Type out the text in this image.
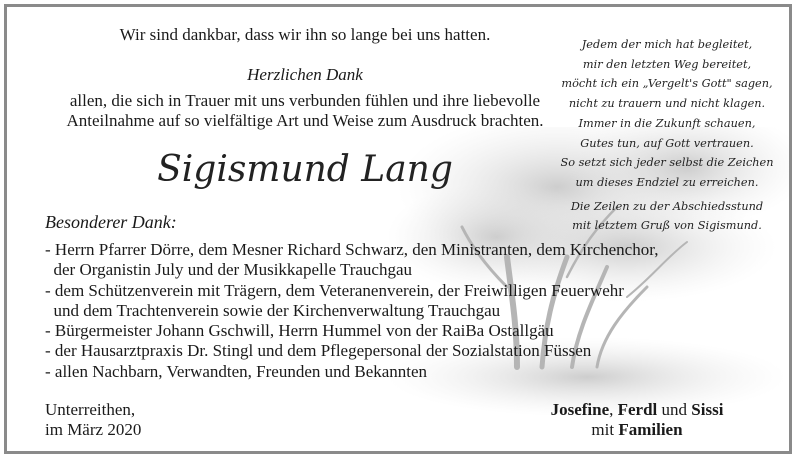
Wir sind dankbar, dass wir ihn so lange bei uns hatten.
Herzlichen Dank
allen, die sich in Trauer mit uns verbunden fühlen und ihre liebevolle
Anteilnahme auf so vielfältige Art und Weise zum Ausdruck brachten.
Sigismund Lang
Besonderer Dank:
- Herrn Pfarrer Dörre, dem Mesner Richard Schwarz, den Ministranten, dem Kirchenchor,
der Organistin July und der Musikkapelle Trauchgau
- dem Schützenverein mit Trägern, dem Veteranenverein, der Freiwilligen Feuerwehr
und dem Trachtenverein sowie der Kirchenverwaltung Trauchgau
- Bürgermeister Johann Gschwill, Herrn Hummel von der RaiBa Ostallgäu
- der Hausarztpraxis Dr. Stingl und dem Pflegepersonal der Sozialstation Füssen
- allen Nachbarn, Verwandten, Freunden und Bekannten
Unterreithen,
im März 2020
Josefine, Ferdl und Sissi
mit Familien
Jedem der mich hat begleitet,
mir den letzten Weg bereitet,
möcht ich ein „Vergelt's Gott" sagen,
nicht zu trauern und nicht klagen.
Immer in die Zukunft schauen,
Gutes tun, auf Gott vertrauen.
So setzt sich jeder selbst die Zeichen
um dieses Endziel zu erreichen.
Die Zeilen zu der Abschiedsstund
mit letztem Gruß von Sigismund.
